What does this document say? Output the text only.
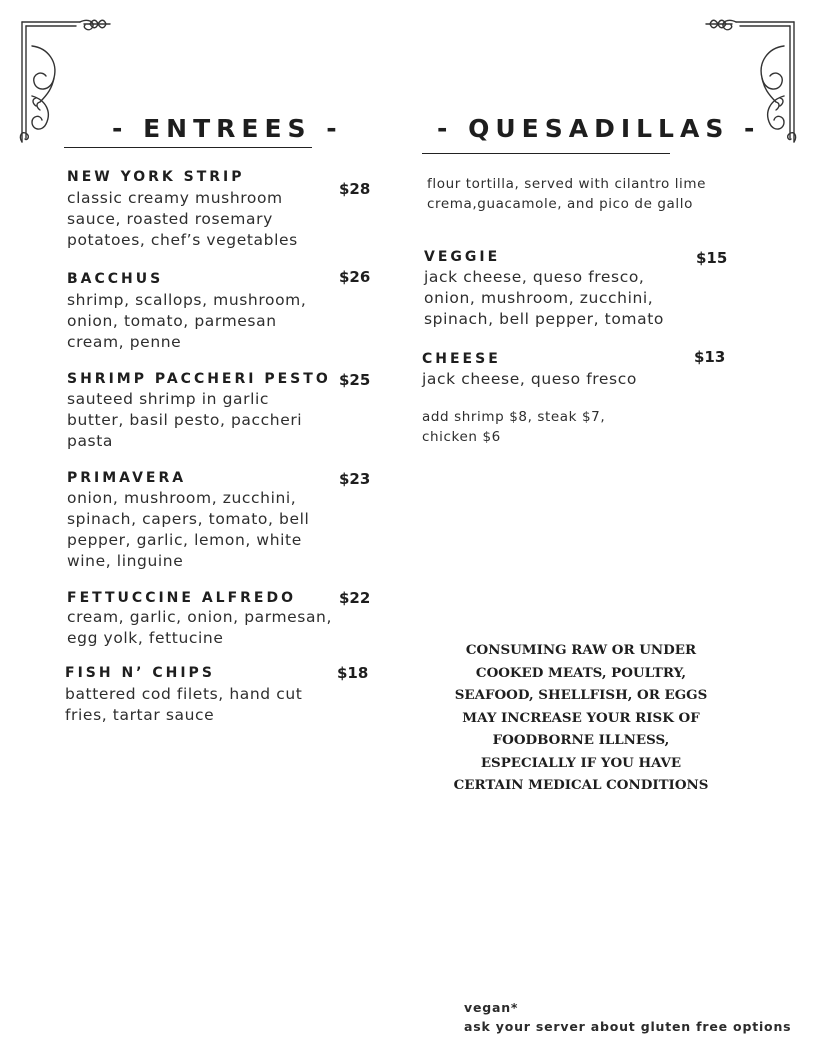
- ENTREES -
NEW YORK STRIP
$28
classic creamy mushroom sauce, roasted rosemary potatoes, chef’s vegetables
BACCHUS	$26
shrimp, scallops, mushroom, onion, tomato, parmesan cream, penne
SHRIMP PACCHERI PESTO $25
sauteed shrimp in garlic butter, basil pesto, paccheri pasta
PRIMAVERA	$23
onion, mushroom, zucchini, spinach, capers, tomato, bell pepper, garlic, lemon, white wine, linguine
FETTUCCINE ALFREDO	$22
cream, garlic, onion, parmesan, egg yolk, fettucine
FISH N’ CHIPS	$18
battered cod filets, hand cut fries, tartar sauce
- QUESADILLAS -
flour tortilla, served with cilantro lime crema,guacamole, and pico de gallo
VEGGIE	$15
jack cheese, queso fresco, onion, mushroom, zucchini, spinach, bell pepper, tomato
CHEESE	$13
jack cheese, queso fresco
add shrimp $8, steak $7, chicken $6
CONSUMING RAW OR UNDER COOKED MEATS, POULTRY, SEAFOOD, SHELLFISH, OR EGGS MAY INCREASE YOUR RISK OF FOODBORNE ILLNESS, ESPECIALLY IF YOU HAVE CERTAIN MEDICAL CONDITIONS
vegan*
ask your server about gluten free options
